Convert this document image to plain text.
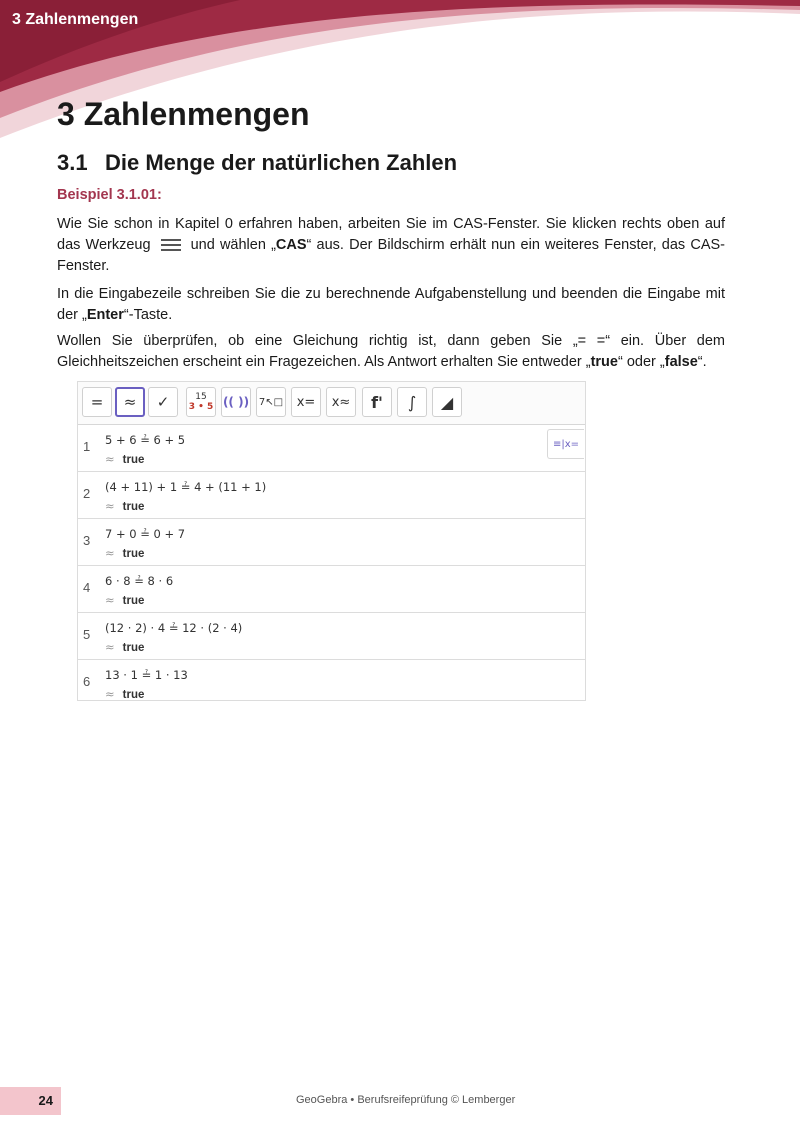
3 Zahlenmengen
3 Zahlenmengen
3.1 Die Menge der natürlichen Zahlen
Beispiel 3.1.01:

Wie Sie schon in Kapitel 0 erfahren haben, arbeiten Sie im CAS-Fenster. Sie klicken rechts oben auf das Werkzeug	und wählen „CAS“ aus. Der Bildschirm erhält nun ein weiteres Fenster, das CAS-Fenster.

In die Eingabezeile schreiben Sie die zu berechnende Aufgabenstellung und beenden die Eingabe mit der „Enter“-Taste.

Wollen Sie überprüfen, ob eine Gleichung richtig ist, dann geben Sie „= =“ ein. Über dem Gleichheitszeichen erscheint ein Fragezeichen. Als Antwort erhalten Sie entweder „true“ oder „false“.

=	≈	✓	15
3 • 5 (( )) 7↖□	x=	x≈	f'	∫	◢
1 5 + 6 ≟ 6 + 5
≈ true
≡|x=
2 (4 + 11) + 1 ≟ 4 + (11 + 1)
≈ true
3 7 + 0 ≟ 0 + 7
≈ true
4 6 · 8 ≟ 8 · 6
≈ true
5 (12 · 2) · 4 ≟ 12 · (2 · 4)
≈ true
6 13 · 1 ≟ 1 · 13
≈ true
24	GeoGebra • Berufsreifeprüfung © Lemberger
